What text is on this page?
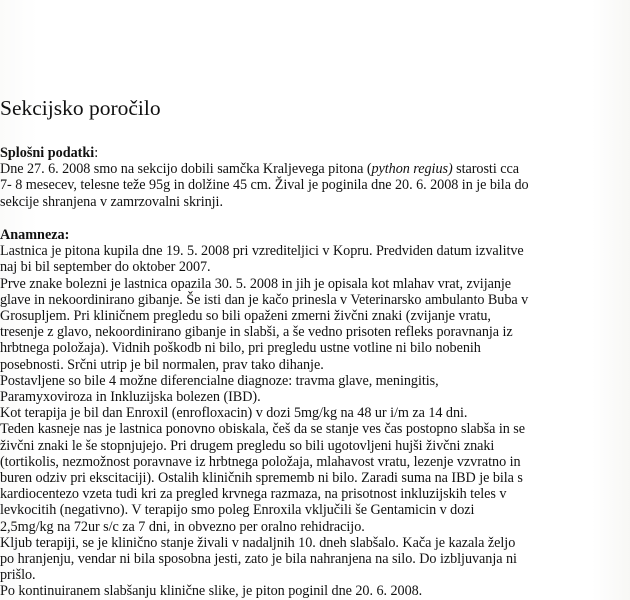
Sekcijsko poročilo
Splošni podatki:
Dne 27. 6. 2008 smo na sekcijo dobili samčka Kraljevega pitona (python regius) starosti cca
7- 8 mesecev, telesne teže 95g in dolžine 45 cm. Žival je poginila dne 20. 6. 2008 in je bila do
sekcije shranjena v zamrzovalni skrinji.
Anamneza:
Lastnica je pitona kupila dne 19. 5. 2008 pri vzrediteljici v Kopru. Predviden datum izvalitve
naj bi bil september do oktober 2007.
Prve znake bolezni je lastnica opazila 30. 5. 2008 in jih je opisala kot mlahav vrat, zvijanje
glave in nekoordinirano gibanje. Še isti dan je kačo prinesla v Veterinarsko ambulanto Buba v
Grosupljem. Pri kliničnem pregledu so bili opaženi zmerni živčni znaki (zvijanje vratu,
tresenje z glavo, nekoordinirano gibanje in slabši, a še vedno prisoten refleks poravnanja iz
hrbtnega položaja). Vidnih poškodb ni bilo, pri pregledu ustne votline ni bilo nobenih
posebnosti. Srčni utrip je bil normalen, prav tako dihanje.
Postavljene so bile 4 možne diferencialne diagnoze: travma glave, meningitis,
Paramyxoviroza in Inkluzijska bolezen (IBD).
Kot terapija je bil dan Enroxil (enrofloxacin) v dozi 5mg/kg na 48 ur i/m za 14 dni.
Teden kasneje nas je lastnica ponovno obiskala, češ da se stanje ves čas postopno slabša in se
živčni znaki le še stopnjujejo. Pri drugem pregledu so bili ugotovljeni hujši živčni znaki
(tortikolis, nezmožnost poravnave iz hrbtnega položaja, mlahavost vratu, lezenje vzvratno in
buren odziv pri ekscitaciji). Ostalih kliničnih sprememb ni bilo. Zaradi suma na IBD je bila s
kardiocentezo vzeta tudi kri za pregled krvnega razmaza, na prisotnost inkluzijskih teles v
levkocitih (negativno). V terapijo smo poleg Enroxila vključili še Gentamicin v dozi
2,5mg/kg na 72ur s/c za 7 dni, in obvezno per oralno rehidracijo.
Kljub terapiji, se je klinično stanje živali v nadaljnih 10. dneh slabšalo. Kača je kazala željo
po hranjenju, vendar ni bila sposobna jesti, zato je bila nahranjena na silo. Do izbljuvanja ni
prišlo.
Po kontinuiranem slabšanju klinične slike, je piton poginil dne 20. 6. 2008.
